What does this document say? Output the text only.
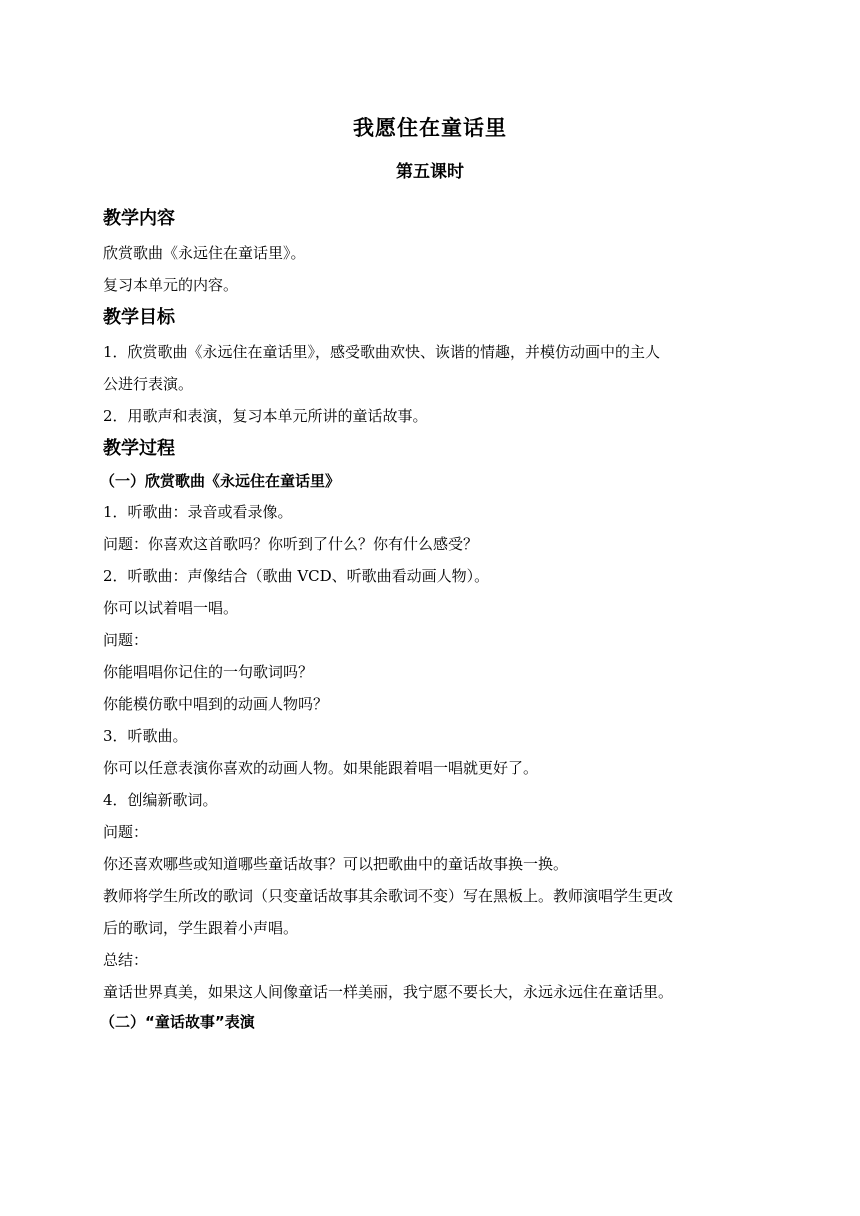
我愿住在童话里
第五课时
教学内容
欣赏歌曲《永远住在童话里》。
复习本单元的内容。
教学目标
1．欣赏歌曲《永远住在童话里》，感受歌曲欢快、诙谐的情趣，并模仿动画中的主人
公进行表演。
2．用歌声和表演，复习本单元所讲的童话故事。
教学过程
（一）欣赏歌曲《永远住在童话里》
1．听歌曲：录音或看录像。
问题：你喜欢这首歌吗？你听到了什么？你有什么感受？
2．听歌曲：声像结合（歌曲 VCD、听歌曲看动画人物）。
你可以试着唱一唱。
问题：
你能唱唱你记住的一句歌词吗？
你能模仿歌中唱到的动画人物吗？
3．听歌曲。
你可以任意表演你喜欢的动画人物。如果能跟着唱一唱就更好了。
4．创编新歌词。
问题：
你还喜欢哪些或知道哪些童话故事？可以把歌曲中的童话故事换一换。
教师将学生所改的歌词（只变童话故事其余歌词不变）写在黑板上。教师演唱学生更改
后的歌词，学生跟着小声唱。
总结：
童话世界真美，如果这人间像童话一样美丽，我宁愿不要长大，永远永远住在童话里。
（二）“童话故事”表演
